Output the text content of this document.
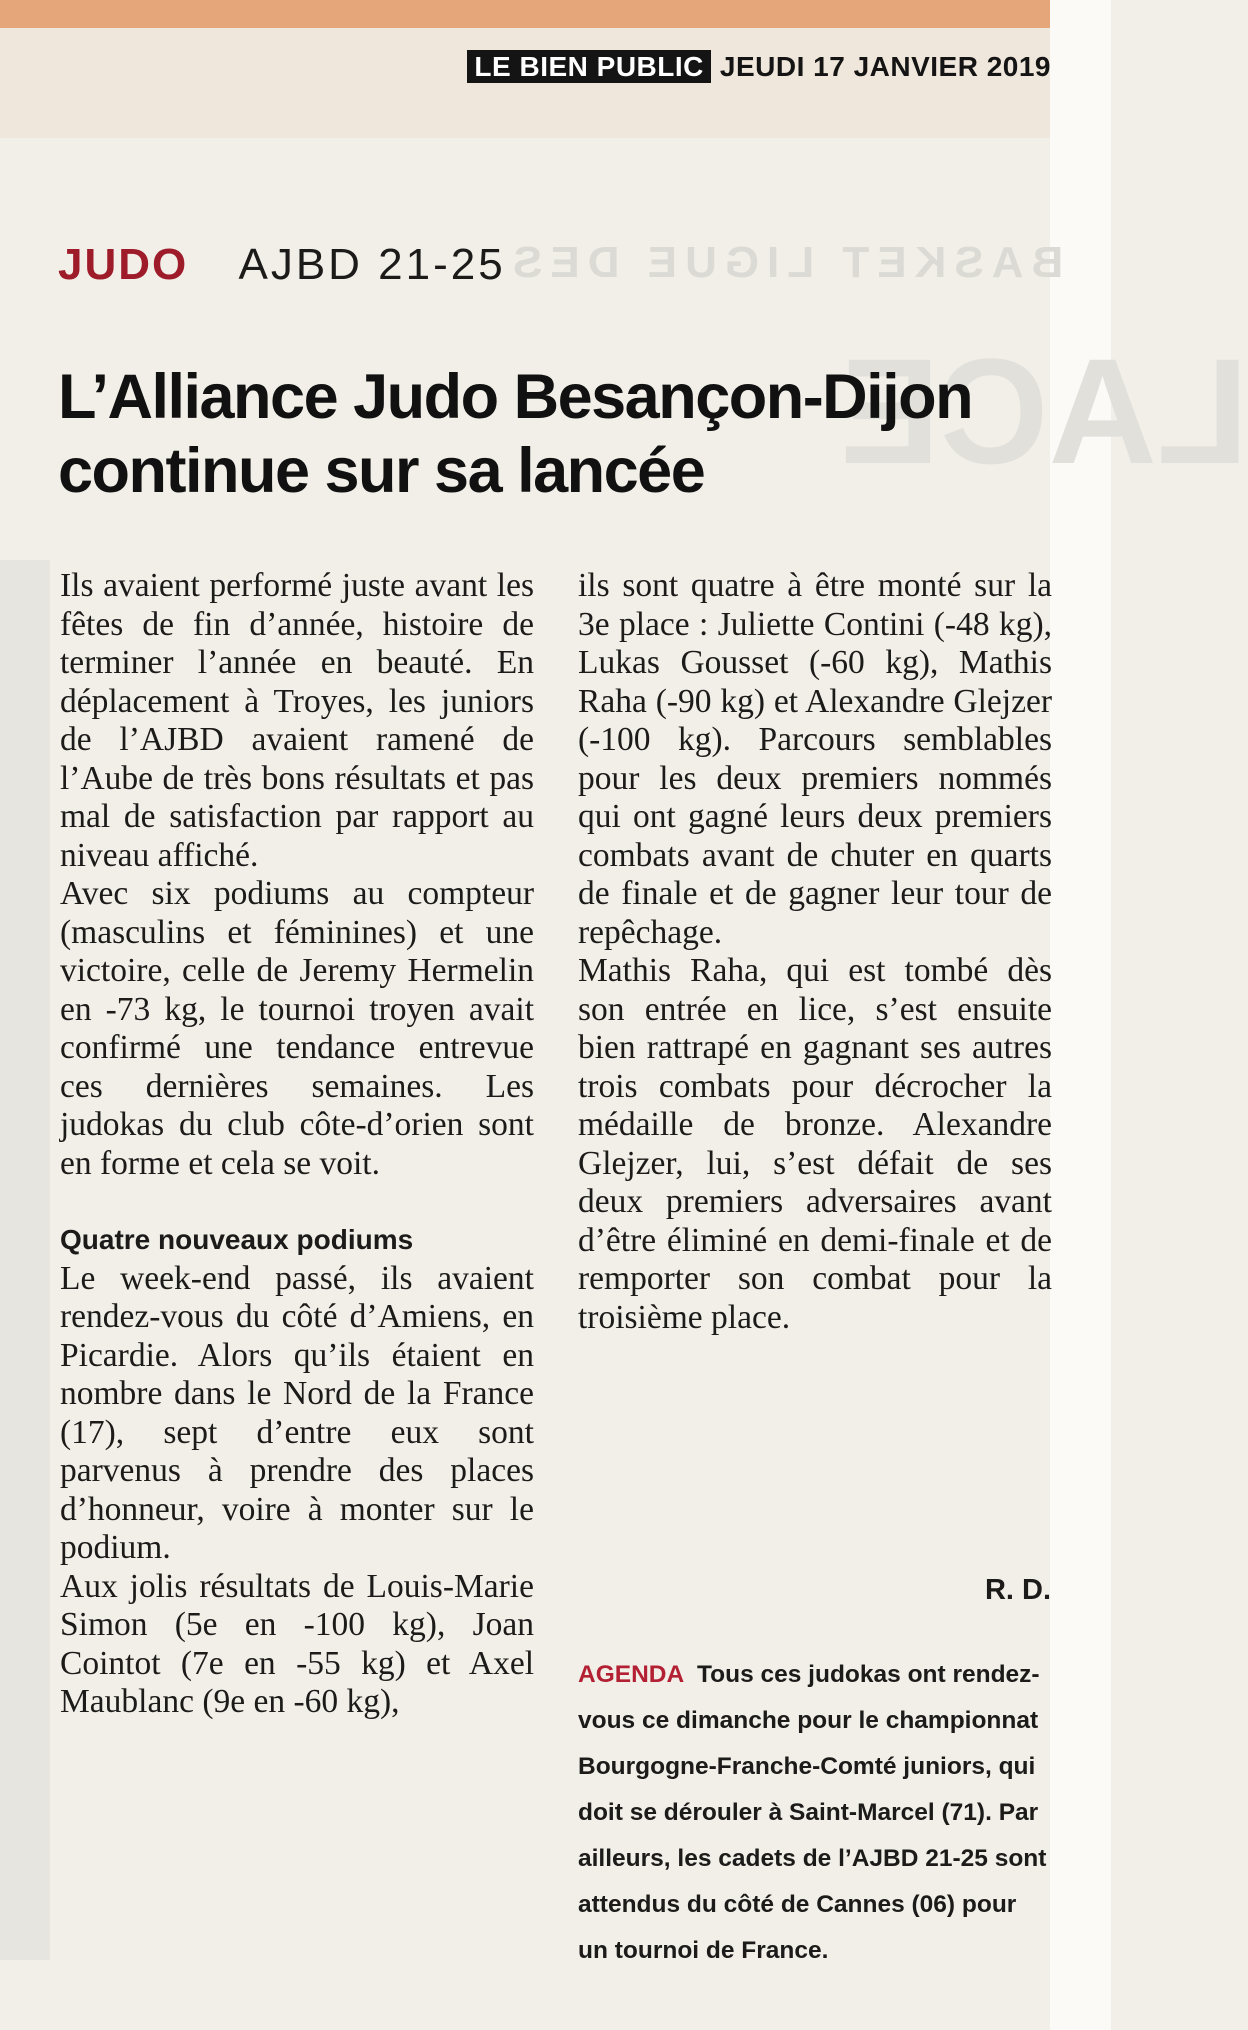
LE BIEN PUBLIC JEUDI 17 JANVIER 2019
BASKET LIGUE DES
LACE
JUDO AJBD 21-25
L’Alliance Judo Besançon-Dijon
continue sur sa lancée

Ils avaient performé juste avant les fêtes de fin d’année, histoire de terminer l’année en beauté. En déplacement à Troyes, les juniors de l’AJBD avaient ramené de l’Aube de très bons résultats et pas mal de satisfaction par rapport au niveau affiché.

Avec six podiums au compteur (masculins et féminines) et une victoire, celle de Jeremy Hermelin en -73 kg, le tournoi troyen avait confirmé une tendance entrevue ces dernières semaines. Les judokas du club côte-d’orien sont en forme et cela se voit.

Quatre nouveaux podiums

Le week-end passé, ils avaient rendez-vous du côté d’Amiens, en Picardie. Alors qu’ils étaient en nombre dans le Nord de la France (17), sept d’entre eux sont parvenus à prendre des places d’honneur, voire à monter sur le podium.

Aux jolis résultats de Louis-Marie Simon (5e en -100 kg), Joan Cointot (7e en -55 kg) et Axel Maublanc (9e en -60 kg),

ils sont quatre à être monté sur la 3e place : Juliette Contini (-48 kg), Lukas Gousset (-60 kg), Mathis Raha (-90 kg) et Alexandre Glejzer (-100 kg). Parcours semblables pour les deux premiers nommés qui ont gagné leurs deux premiers combats avant de chuter en quarts de finale et de gagner leur tour de repêchage.

Mathis Raha, qui est tombé dès son entrée en lice, s’est ensuite bien rattrapé en gagnant ses autres trois combats pour décrocher la médaille de bronze. Alexandre Glejzer, lui, s’est défait de ses deux premiers adversaires avant d’être éliminé en demi-finale et de remporter son combat pour la troisième place.

R. D.

AGENDA Tous ces judokas ont rendez-vous ce dimanche pour le championnat Bourgogne-Franche-Comté juniors, qui doit se dérouler à Saint-Marcel (71). Par ailleurs, les cadets de l’AJBD 21-25 sont attendus du côté de Cannes (06) pour un tournoi de France.
